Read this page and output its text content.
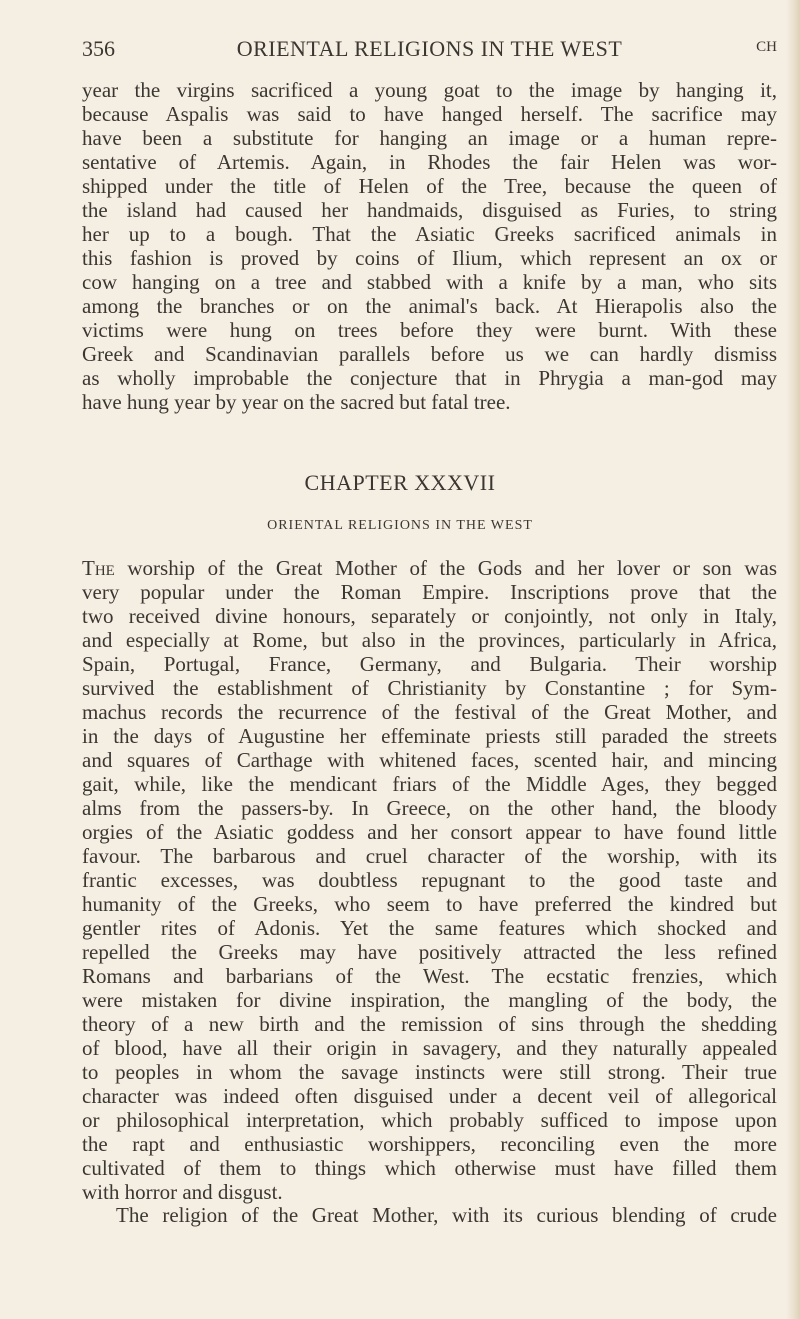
356	ORIENTAL RELIGIONS IN THE WEST	CH
year the virgins sacrificed a young goat to the image by hanging it,
because Aspalis was said to have hanged herself. The sacrifice may
have been a substitute for hanging an image or a human repre-
sentative of Artemis. Again, in Rhodes the fair Helen was wor-
shipped under the title of Helen of the Tree, because the queen of
the island had caused her handmaids, disguised as Furies, to string
her up to a bough. That the Asiatic Greeks sacrificed animals in
this fashion is proved by coins of Ilium, which represent an ox or
cow hanging on a tree and stabbed with a knife by a man, who sits
among the branches or on the animal's back. At Hierapolis also the
victims were hung on trees before they were burnt. With these
Greek and Scandinavian parallels before us we can hardly dismiss
as wholly improbable the conjecture that in Phrygia a man-god may
have hung year by year on the sacred but fatal tree.
CHAPTER XXXVII
ORIENTAL RELIGIONS IN THE WEST
The worship of the Great Mother of the Gods and her lover or son was
very popular under the Roman Empire. Inscriptions prove that the
two received divine honours, separately or conjointly, not only in Italy,
and especially at Rome, but also in the provinces, particularly in Africa,
Spain, Portugal, France, Germany, and Bulgaria. Their worship
survived the establishment of Christianity by Constantine ; for Sym-
machus records the recurrence of the festival of the Great Mother, and
in the days of Augustine her effeminate priests still paraded the streets
and squares of Carthage with whitened faces, scented hair, and mincing
gait, while, like the mendicant friars of the Middle Ages, they begged
alms from the passers-by. In Greece, on the other hand, the bloody
orgies of the Asiatic goddess and her consort appear to have found little
favour. The barbarous and cruel character of the worship, with its
frantic excesses, was doubtless repugnant to the good taste and
humanity of the Greeks, who seem to have preferred the kindred but
gentler rites of Adonis. Yet the same features which shocked and
repelled the Greeks may have positively attracted the less refined
Romans and barbarians of the West. The ecstatic frenzies, which
were mistaken for divine inspiration, the mangling of the body, the
theory of a new birth and the remission of sins through the shedding
of blood, have all their origin in savagery, and they naturally appealed
to peoples in whom the savage instincts were still strong. Their true
character was indeed often disguised under a decent veil of allegorical
or philosophical interpretation, which probably sufficed to impose upon
the rapt and enthusiastic worshippers, reconciling even the more
cultivated of them to things which otherwise must have filled them
with horror and disgust.
The religion of the Great Mother, with its curious blending of crude
